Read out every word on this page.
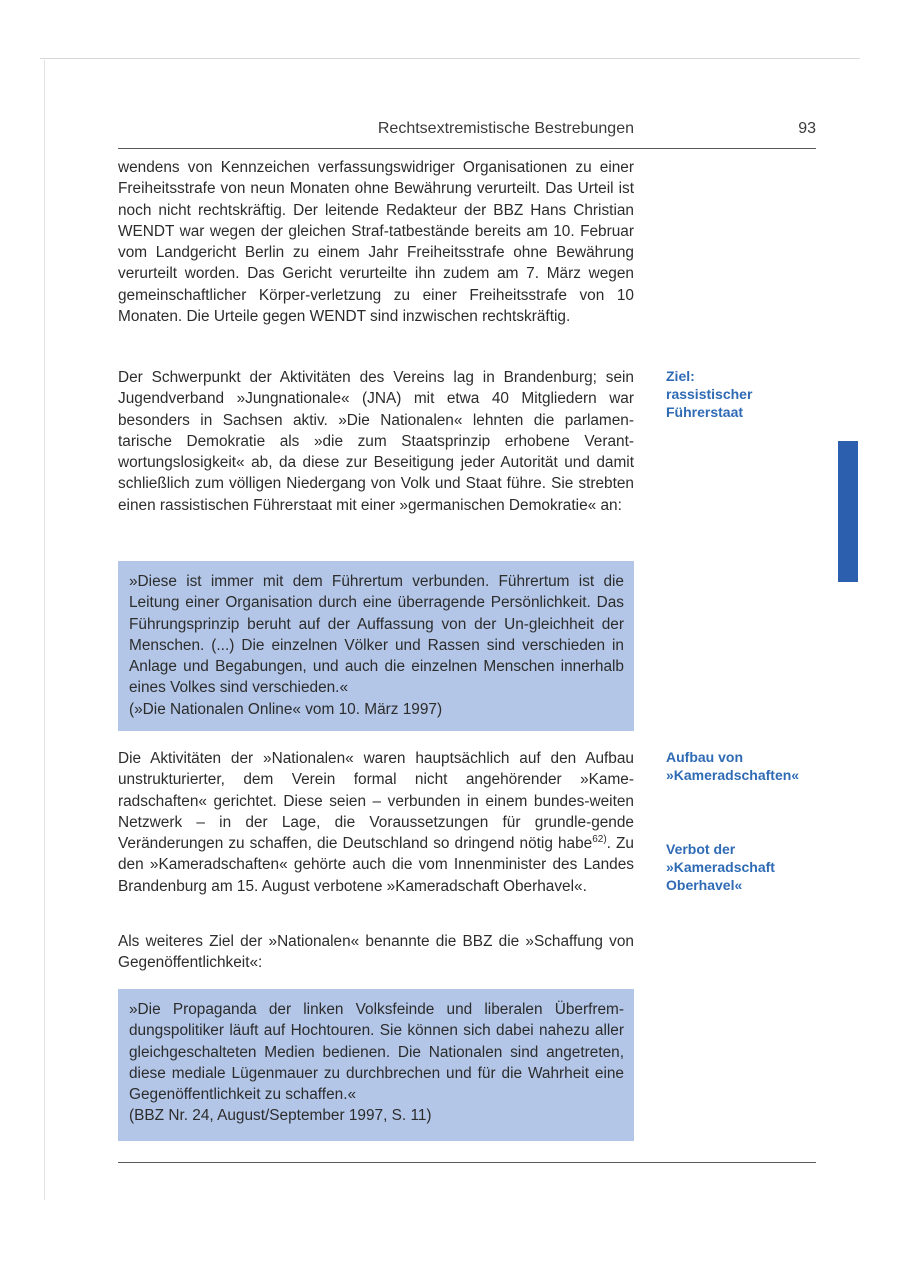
Rechtsextremistische Bestrebungen	93

wendens von Kennzeichen verfassungswidriger Organisationen zu einer Freiheitsstrafe von neun Monaten ohne Bewährung verurteilt. Das Urteil ist noch nicht rechtskräftig. Der leitende Redakteur der BBZ Hans Christian WENDT war wegen der gleichen Straf-tatbestände bereits am 10. Februar vom Landgericht Berlin zu einem Jahr Freiheitsstrafe ohne Bewährung verurteilt worden. Das Gericht verurteilte ihn zudem am 7. März wegen gemeinschaftlicher Körper-verletzung zu einer Freiheitsstrafe von 10 Monaten. Die Urteile gegen WENDT sind inzwischen rechtskräftig.

Der Schwerpunkt der Aktivitäten des Vereins lag in Brandenburg; sein Jugendverband »Jungnationale« (JNA) mit etwa 40 Mitgliedern war besonders in Sachsen aktiv. »Die Nationalen« lehnten die parlamen-tarische Demokratie als »die zum Staatsprinzip erhobene Verant-wortungslosigkeit« ab, da diese zur Beseitigung jeder Autorität und damit schließlich zum völligen Niedergang von Volk und Staat führe. Sie strebten einen rassistischen Führerstaat mit einer »germanischen Demokratie« an:

»Diese ist immer mit dem Führertum verbunden. Führertum ist die Leitung einer Organisation durch eine überragende Persönlichkeit. Das Führungsprinzip beruht auf der Auffassung von der Un-gleichheit der Menschen. (...) Die einzelnen Völker und Rassen sind verschieden in Anlage und Begabungen, und auch die einzelnen Menschen innerhalb eines Volkes sind verschieden.«

(»Die Nationalen Online« vom 10. März 1997)

Die Aktivitäten der »Nationalen« waren hauptsächlich auf den Aufbau unstrukturierter, dem Verein formal nicht angehörender »Kame-radschaften« gerichtet. Diese seien – verbunden in einem bundes-weiten Netzwerk – in der Lage, die Voraussetzungen für grundle-gende Veränderungen zu schaffen, die Deutschland so dringend nötig habe$^{62)}$. Zu den »Kameradschaften« gehörte auch die vom Innenminister des Landes Brandenburg am 15. August verbotene »Kameradschaft Oberhavel«.

Als weiteres Ziel der »Nationalen« benannte die BBZ die »Schaffung von Gegenöffentlichkeit«:

»Die Propaganda der linken Volksfeinde und liberalen Überfrem-dungspolitiker läuft auf Hochtouren. Sie können sich dabei nahezu aller gleichgeschalteten Medien bedienen. Die Nationalen sind angetreten, diese mediale Lügenmauer zu durchbrechen und für die Wahrheit eine Gegenöffentlichkeit zu schaffen.«

(BBZ Nr. 24, August/September 1997, S. 11)

Ziel:
rassistischer
Führerstaat
Aufbau von
»Kameradschaften«
Verbot der
»Kameradschaft
Oberhavel«
